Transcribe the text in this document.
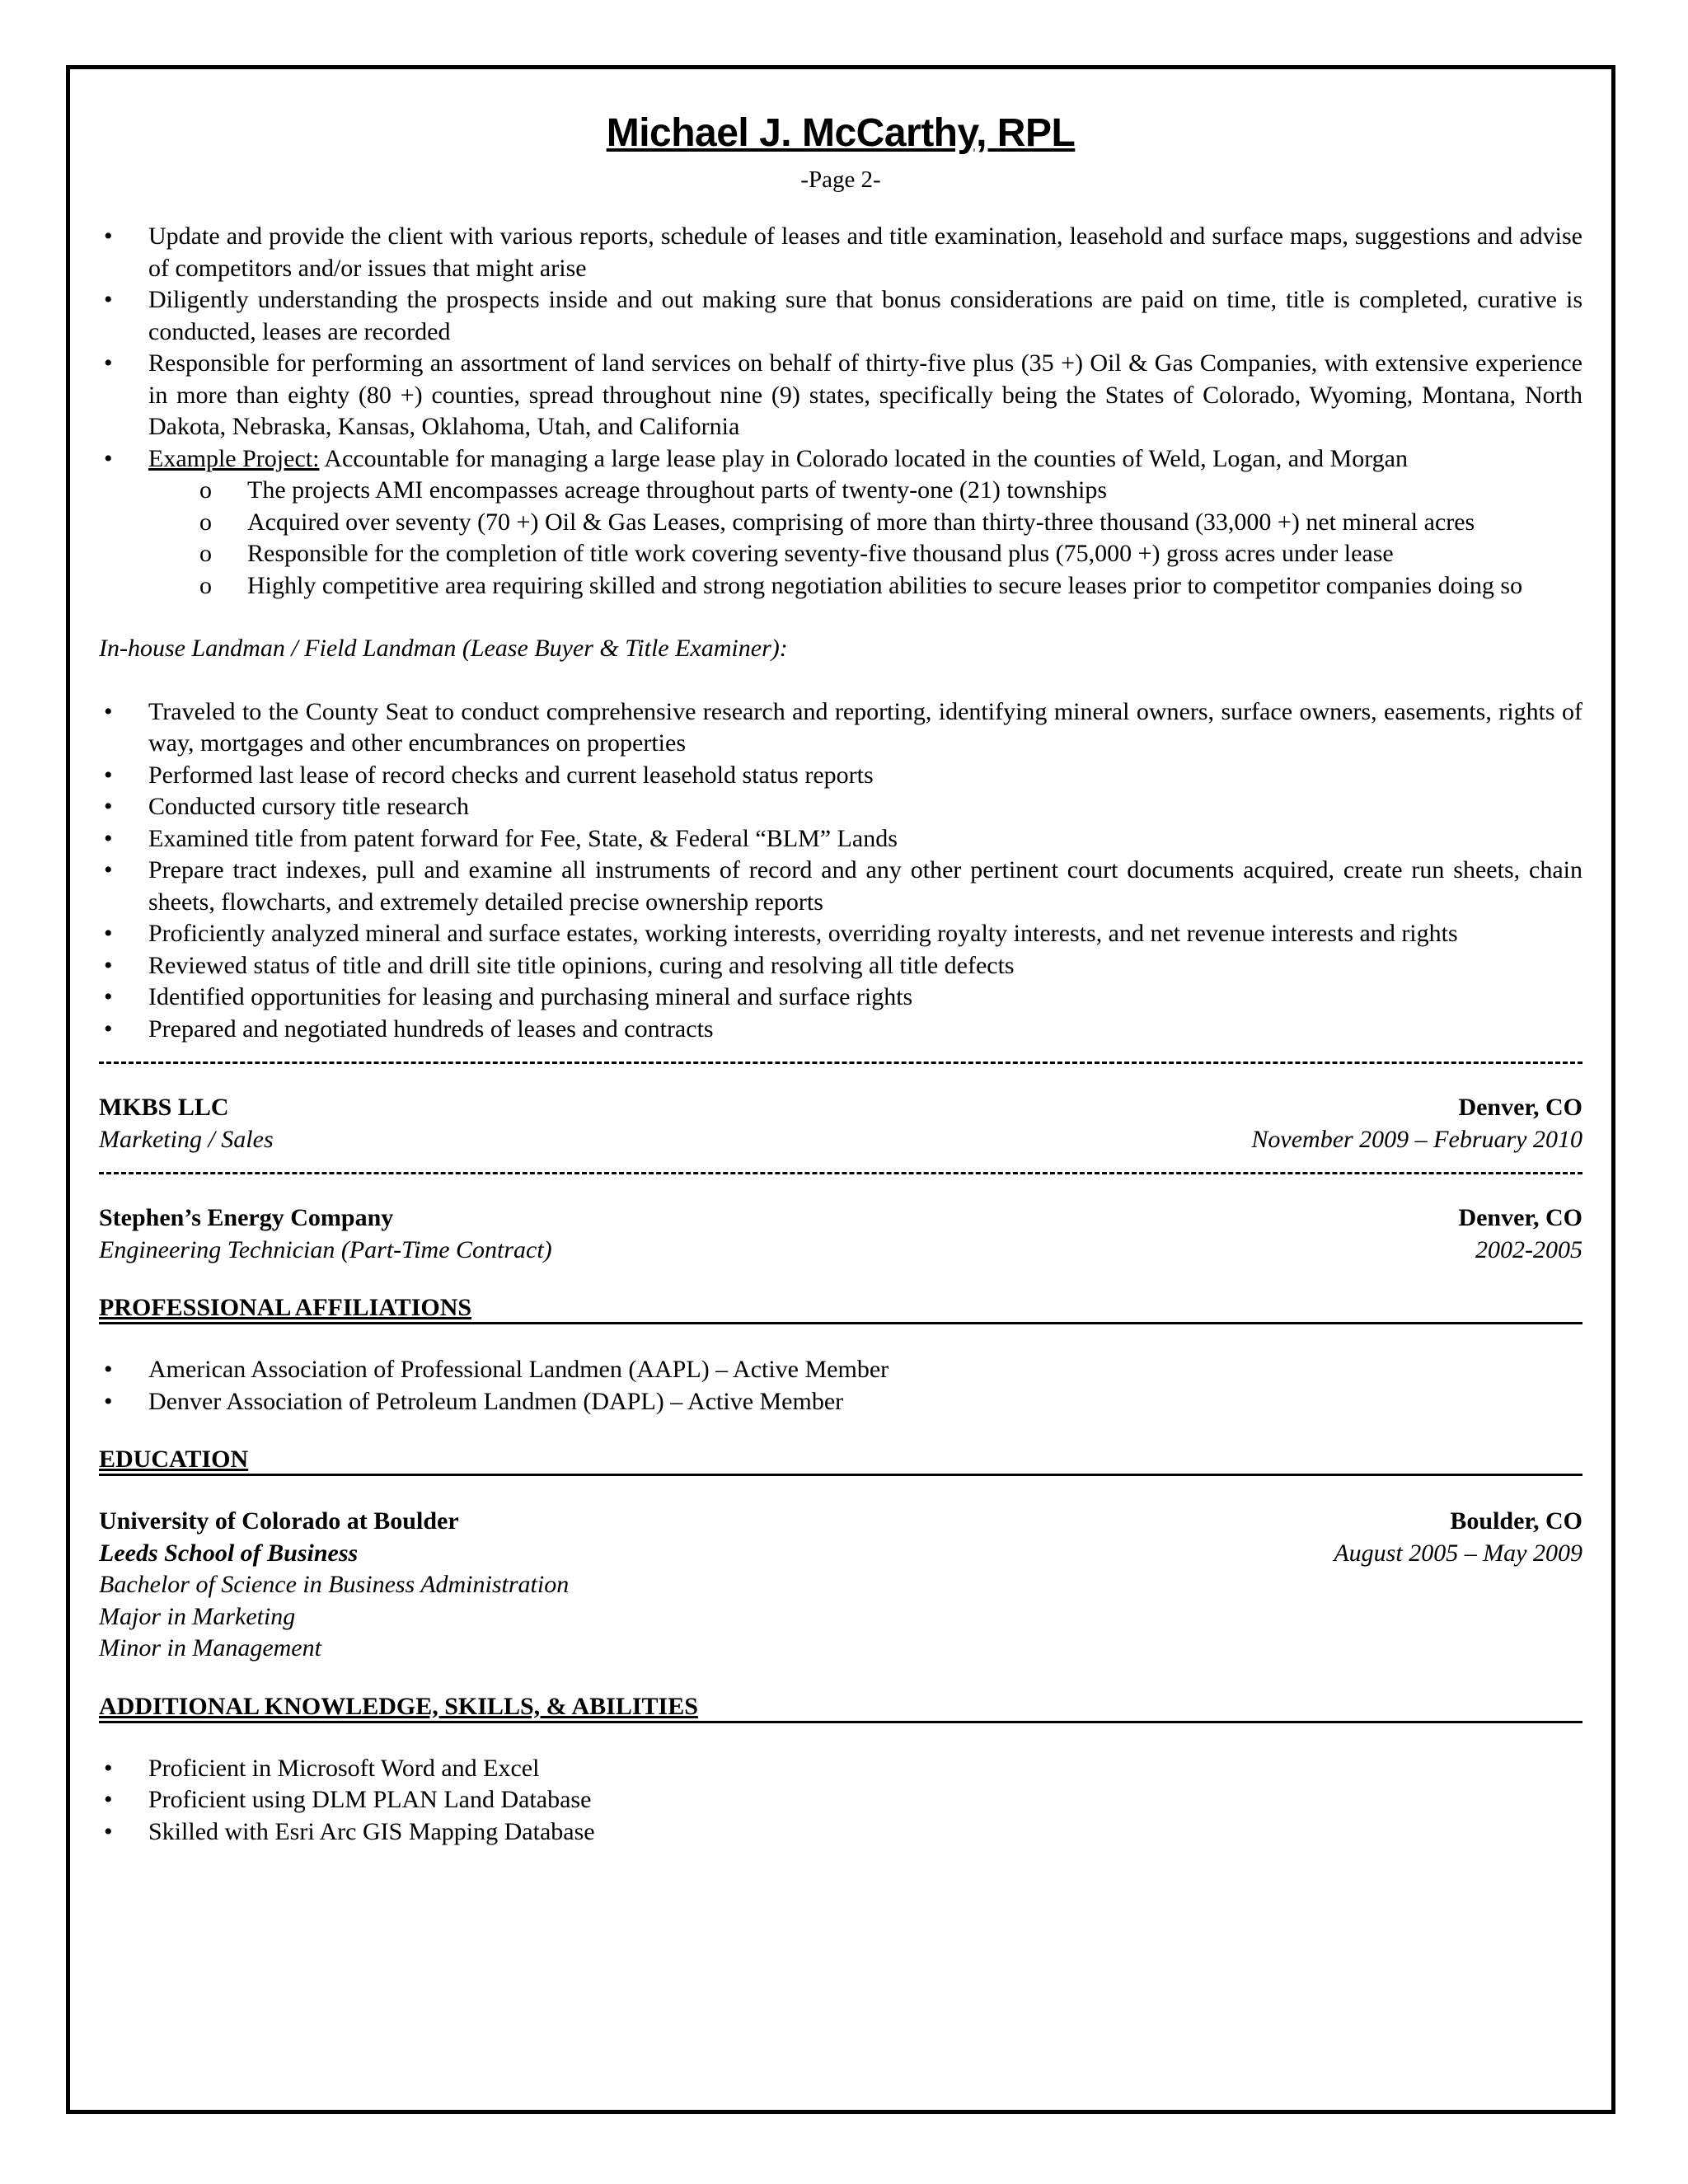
Michael J. McCarthy, RPL
-Page 2-
• Update and provide the client with various reports, schedule of leases and title examination, leasehold and surface maps, suggestions and advise of competitors and/or issues that might arise
• Diligently understanding the prospects inside and out making sure that bonus considerations are paid on time, title is completed, curative is conducted, leases are recorded
• Responsible for performing an assortment of land services on behalf of thirty-five plus (35 +) Oil & Gas Companies, with extensive experience in more than eighty (80 +) counties, spread throughout nine (9) states, specifically being the States of Colorado, Wyoming, Montana, North Dakota, Nebraska, Kansas, Oklahoma, Utah, and California
• Example Project: Accountable for managing a large lease play in Colorado located in the counties of Weld, Logan, and Morgan
o The projects AMI encompasses acreage throughout parts of twenty-one (21) townships
o Acquired over seventy (70 +) Oil & Gas Leases, comprising of more than thirty-three thousand (33,000 +) net mineral acres
o Responsible for the completion of title work covering seventy-five thousand plus (75,000 +) gross acres under lease
o Highly competitive area requiring skilled and strong negotiation abilities to secure leases prior to competitor companies doing so
In-house Landman / Field Landman (Lease Buyer & Title Examiner):
• Traveled to the County Seat to conduct comprehensive research and reporting, identifying mineral owners, surface owners, easements, rights of way, mortgages and other encumbrances on properties
• Performed last lease of record checks and current leasehold status reports
• Conducted cursory title research
• Examined title from patent forward for Fee, State, & Federal “BLM” Lands
• Prepare tract indexes, pull and examine all instruments of record and any other pertinent court documents acquired, create run sheets, chain sheets, flowcharts, and extremely detailed precise ownership reports
• Proficiently analyzed mineral and surface estates, working interests, overriding royalty interests, and net revenue interests and rights
• Reviewed status of title and drill site title opinions, curing and resolving all title defects
• Identified opportunities for leasing and purchasing mineral and surface rights
• Prepared and negotiated hundreds of leases and contracts
MKBS LLC	Denver, CO
Marketing / Sales	November 2009 – February 2010
Stephen’s Energy Company	Denver, CO
Engineering Technician (Part-Time Contract)	2002-2005
PROFESSIONAL AFFILIATIONS
• American Association of Professional Landmen (AAPL) – Active Member
• Denver Association of Petroleum Landmen (DAPL) – Active Member
EDUCATION
University of Colorado at Boulder	Boulder, CO
Leeds School of Business	August 2005 – May 2009
Bachelor of Science in Business Administration
Major in Marketing
Minor in Management
ADDITIONAL KNOWLEDGE, SKILLS, & ABILITIES
• Proficient in Microsoft Word and Excel
• Proficient using DLM PLAN Land Database
• Skilled with Esri Arc GIS Mapping Database
